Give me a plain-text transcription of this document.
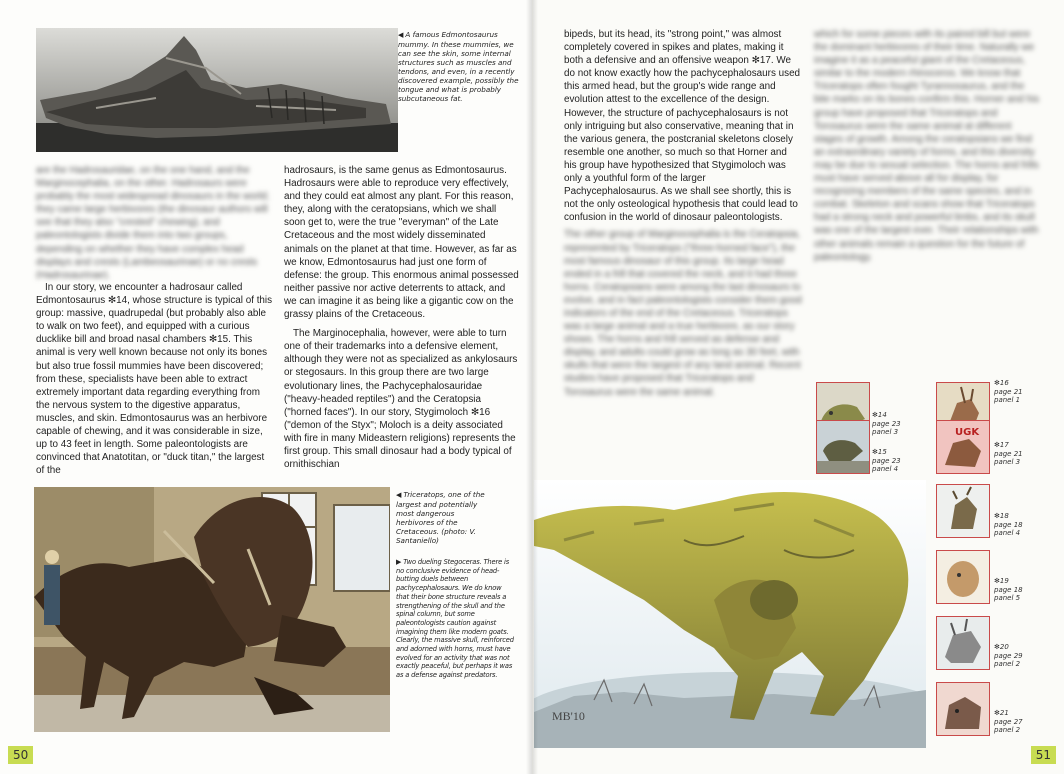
◀ A famous Edmontosaurus mummy. In these mummies, we can see the skin, some internal structures such as muscles and tendons, and even, in a recently discovered example, possibly the tongue and what is probably subcutaneous fat.

are the Hadrosauridae, on the one hand, and the Marginocephalia, on the other. Hadrosaurs were probably the most widespread dinosaurs in the world; they came large herbivores (the dinosaur authors will see that they also "crested" chewing), and paleontologists divide them into two groups, depending on whether they have complex head displays and crests (Lambeosaurinae) or no crests (Hadrosaurinae).

In our story, we encounter a hadrosaur called Edmontosaurus ✻14, whose structure is typical of this group: massive, quadrupedal (but probably also able to walk on two feet), and equipped with a curious ducklike bill and broad nasal chambers ✻15. This animal is very well known because not only its bones but also true fossil mummies have been discovered; from these, specialists have been able to extract extremely important data regarding everything from the nervous system to the digestive apparatus, muscles, and skin. Edmontosaurus was an herbivore capable of chewing, and it was considerable in size, up to 43 feet in length. Some paleontologists are convinced that Anatotitan, or "duck titan," the largest of the

hadrosaurs, is the same genus as Edmontosaurus. Hadrosaurs were able to reproduce very effectively, and they could eat almost any plant. For this reason, they, along with the ceratopsians, which we shall soon get to, were the true "everyman" of the Late Cretaceous and the most widely disseminated animals on the planet at that time. However, as far as we know, Edmontosaurus had just one form of defense: the group. This enormous animal possessed neither passive nor active deterrents to attack, and we can imagine it as being like a gigantic cow on the grassy plains of the Cretaceous.

The Marginocephalia, however, were able to turn one of their trademarks into a defensive element, although they were not as specialized as ankylosaurs or stegosaurs. In this group there are two large evolutionary lines, the Pachycephalosauridae ("heavy-headed reptiles") and the Ceratopsia ("horned faces"). In our story, Stygimoloch ✻16 ("demon of the Styx"; Moloch is a deity associated with fire in many Mideastern religions) represents the first group. This small dinosaur had a body typical of ornithischian

◀ Triceratops, one of the largest and potentially most dangerous herbivores of the Cretaceous. (photo: V. Santaniello)
▶ Two dueling Stegoceras. There is no conclusive evidence of head-butting duels between pachycephalosaurs. We do know that their bone structure reveals a strengthening of the skull and the spinal column, but some paleontologists caution against imagining them like modern goats. Clearly, the massive skull, reinforced and adorned with horns, must have evolved for an activity that was not exactly peaceful, but perhaps it was as a defense against predators.
50

bipeds, but its head, its "strong point," was almost completely covered in spikes and plates, making it both a defensive and an offensive weapon ✻17. We do not know exactly how the pachycephalosaurs used this armed head, but the group's wide range and evolution attest to the excellence of the design. However, the structure of pachycephalosaurs is not only intriguing but also conservative, meaning that in the various genera, the postcranial skeletons closely resemble one another, so much so that Horner and his group have hypothesized that Stygimoloch was only a youthful form of the larger Pachycephalosaurus. As we shall see shortly, this is not the only osteological hypothesis that could lead to confusion in the world of dinosaur paleontologists.

The other group of Marginocephalia is the Ceratopsia, represented by Triceratops ("three-horned face"), the most famous dinosaur of this group. Its large head ended in a frill that covered the neck, and it had three horns. Ceratopsians were among the last dinosaurs to evolve, and in fact paleontologists consider them good indicators of the end of the Cretaceous. Triceratops was a large animal and a true herbivore, as our story shows. The horns and frill served as defense and display, and adults could grow as long as 30 feet, with skulls that were the largest of any land animal. Recent studies have proposed that Triceratops and Torosaurus were the same animal.

which for some pieces with its paired bill but were the dominant herbivores of their time. Naturally we imagine it as a peaceful giant of the Cretaceous, similar to the modern rhinoceros. We know that Triceratops often fought Tyrannosaurus, and the bite marks on its bones confirm this. Horner and his group have proposed that Triceratops and Torosaurus were the same animal at different stages of growth. Among the ceratopsians we find an extraordinary variety of forms, and this diversity may be due to sexual selection. The horns and frills must have served above all for display, for recognizing members of the same species, and in combat. Skeleton and scans show that Triceratops had a strong neck and powerful limbs, and its skull was one of the largest ever. Their relationships with other animals remain a question for the future of paleontology.

MB'10
✻14
page 23
panel 3
✻15
page 23
panel 4
✻16
page 21
panel 1
UGK
✻17
page 21
panel 3
✻18
page 18
panel 4
✻19
page 18
panel 5
✻20
page 29
panel 2
✻21
page 27
panel 2
51
